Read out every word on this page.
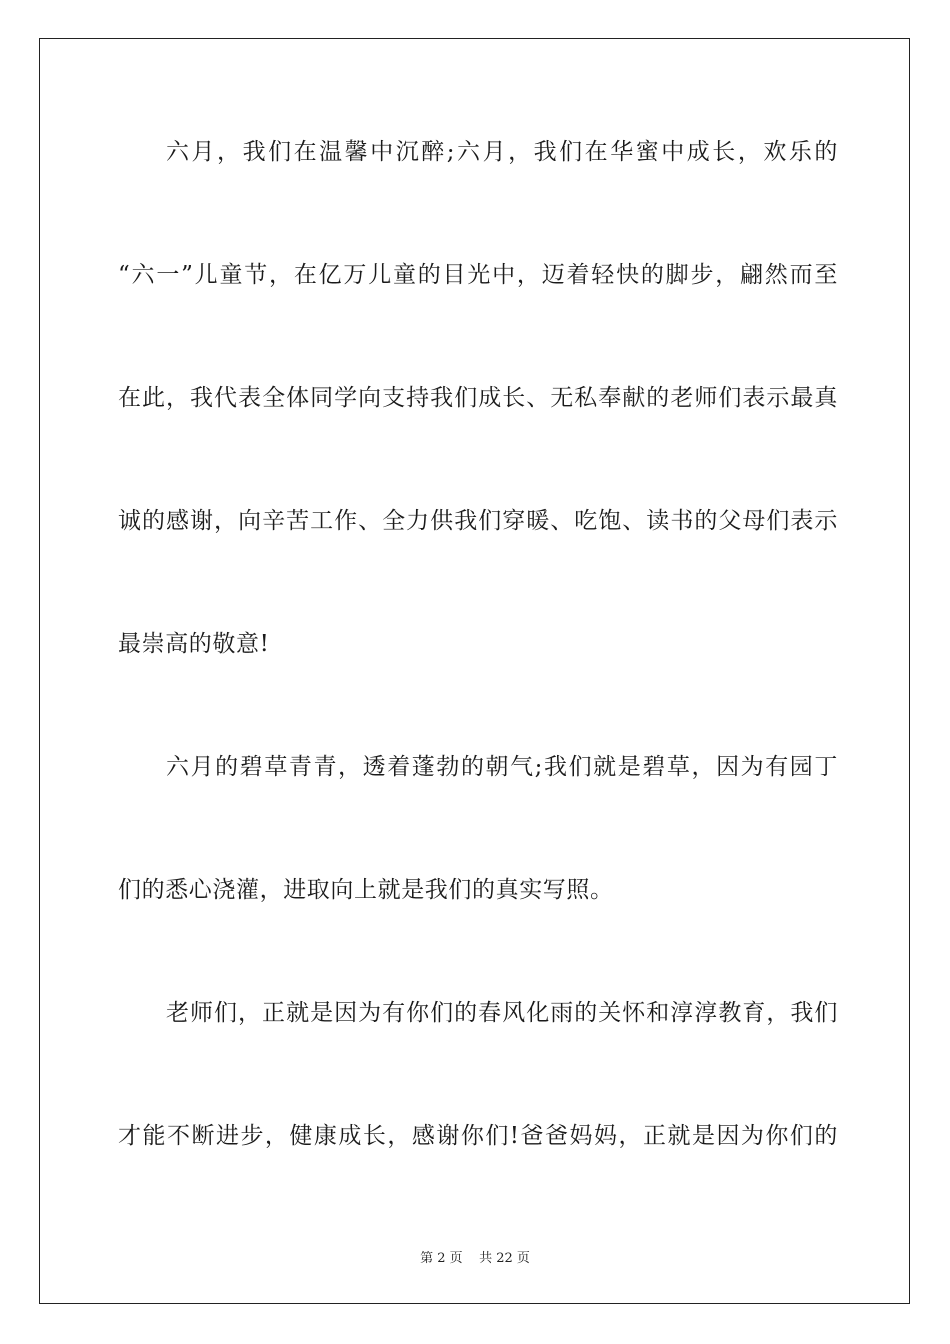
六月，我们在温馨中沉醉;六月，我们在华蜜中成长，欢乐的

“六一”儿童节，在亿万儿童的目光中，迈着轻快的脚步，翩然而至

在此，我代表全体同学向支持我们成长、无私奉献的老师们表示最真

诚的感谢，向辛苦工作、全力供我们穿暖、吃饱、读书的父母们表示

最崇高的敬意!

六月的碧草青青，透着蓬勃的朝气;我们就是碧草，因为有园丁

们的悉心浇灌，进取向上就是我们的真实写照。

老师们，正就是因为有你们的春风化雨的关怀和淳淳教育，我们

才能不断进步，健康成长，感谢你们!爸爸妈妈，正就是因为你们的

第 2 页    共 22 页
